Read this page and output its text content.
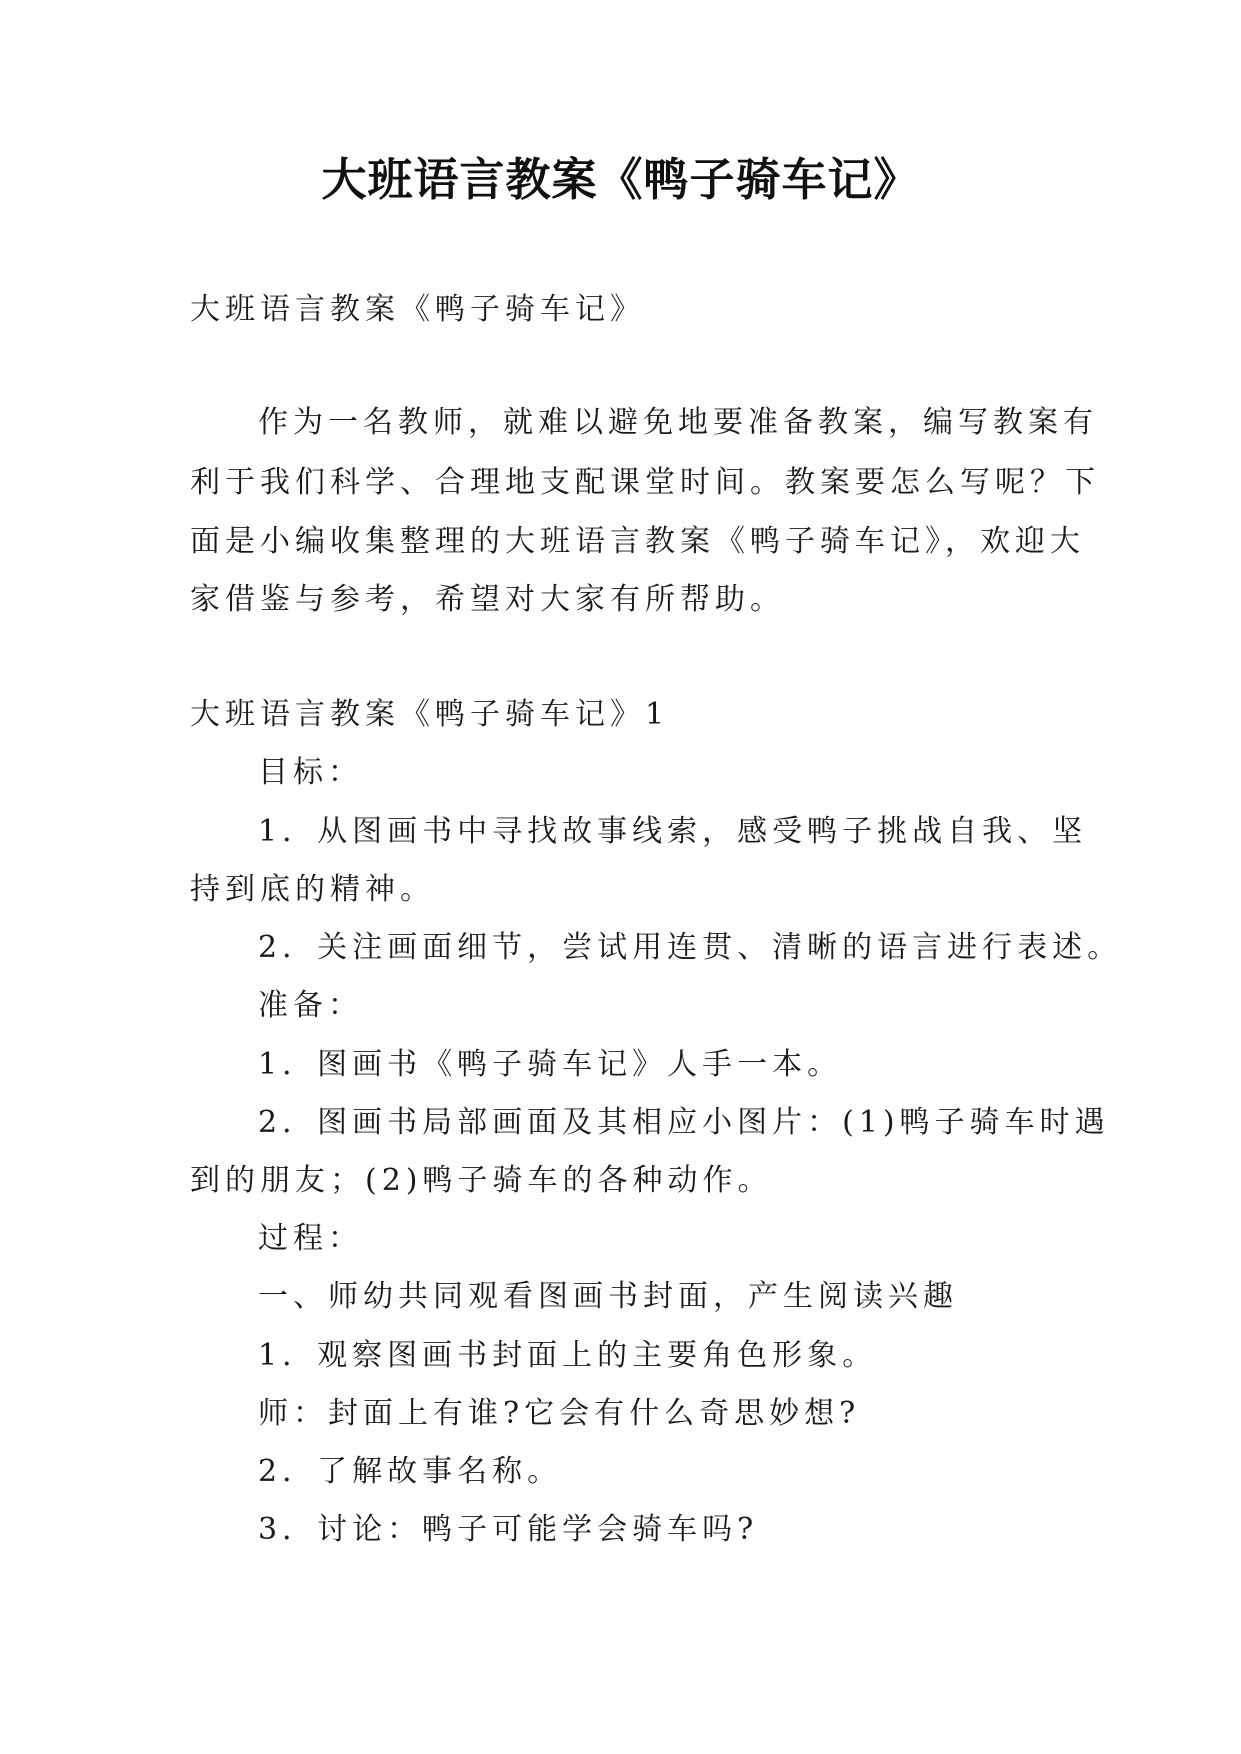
大班语言教案《鸭子骑车记》
大班语言教案《鸭子骑车记》
作为一名教师，就难以避免地要准备教案，编写教案有
利于我们科学、合理地支配课堂时间。教案要怎么写呢？下
面是小编收集整理的大班语言教案《鸭子骑车记》，欢迎大
家借鉴与参考，希望对大家有所帮助。
大班语言教案《鸭子骑车记》1
目标：
1．从图画书中寻找故事线索，感受鸭子挑战自我、坚
持到底的精神。
2．关注画面细节，尝试用连贯、清晰的语言进行表述。
准备：
1．图画书《鸭子骑车记》人手一本。
2．图画书局部画面及其相应小图片：(1)鸭子骑车时遇
到的朋友；(2)鸭子骑车的各种动作。
过程：
一、师幼共同观看图画书封面，产生阅读兴趣
1．观察图画书封面上的主要角色形象。
师：封面上有谁?它会有什么奇思妙想?
2．了解故事名称。
3．讨论：鸭子可能学会骑车吗?
